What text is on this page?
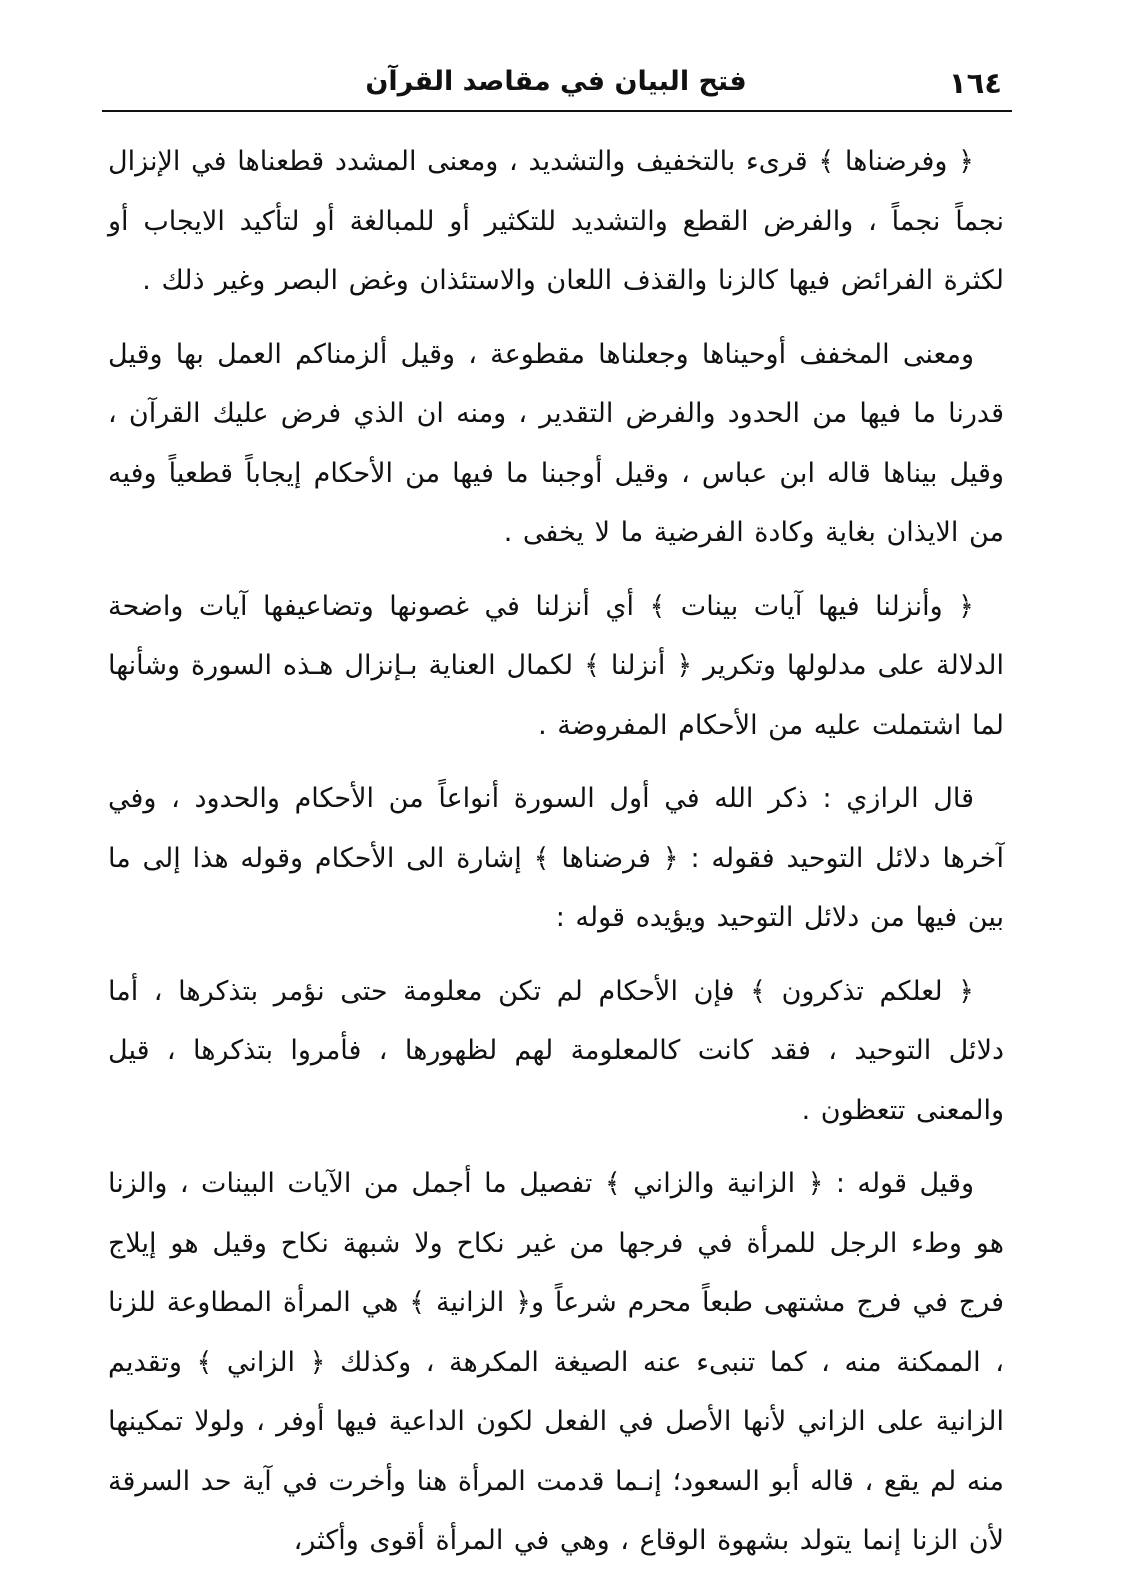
١٦٤
فتح البيان في مقاصد القرآن

﴿ وفرضناها ﴾ قرىء بالتخفيف والتشديد ، ومعنى المشدد قطعناها في الإنزال نجماً نجماً ، والفرض القطع والتشديد للتكثير أو للمبالغة أو لتأكيد الايجاب أو لكثرة الفرائض فيها كالزنا والقذف اللعان والاستئذان وغض البصر وغير ذلك .

ومعنى المخفف أوحيناها وجعلناها مقطوعة ، وقيل ألزمناكم العمل بها وقيل قدرنا ما فيها من الحدود والفرض التقدير ، ومنه ان الذي فرض عليك القرآن ، وقيل بيناها قاله ابن عباس ، وقيل أوجبنا ما فيها من الأحكام إيجاباً قطعياً وفيه من الايذان بغاية وكادة الفرضية ما لا يخفى .

﴿ وأنزلنا فيها آيات بينات ﴾ أي أنزلنا في غصونها وتضاعيفها آيات واضحة الدلالة على مدلولها وتكرير ﴿ أنزلنا ﴾ لكمال العناية بـإنزال هـذه السورة وشأنها لما اشتملت عليه من الأحكام المفروضة .

قال الرازي : ذكر الله في أول السورة أنواعاً من الأحكام والحدود ، وفي آخرها دلائل التوحيد فقوله : ﴿ فرضناها ﴾ إشارة الى الأحكام وقوله هذا إلى ما بين فيها من دلائل التوحيد ويؤيده قوله :

﴿ لعلكم تذكرون ﴾ فإن الأحكام لم تكن معلومة حتى نؤمر بتذكرها ، أما دلائل التوحيد ، فقد كانت كالمعلومة لهم لظهورها ، فأمروا بتذكرها ، قيل والمعنى تتعظون .

وقيل قوله : ﴿ الزانية والزاني ﴾ تفصيل ما أجمل من الآيات البينات ، والزنا هو وطء الرجل للمرأة في فرجها من غير نكاح ولا شبهة نكاح وقيل هو إيلاج فرج في فرج مشتهى طبعاً محرم شرعاً و﴿ الزانية ﴾ هي المرأة المطاوعة للزنا ، الممكنة منه ، كما تنبىء عنه الصيغة المكرهة ، وكذلك ﴿ الزاني ﴾ وتقديم الزانية على الزاني لأنها الأصل في الفعل لكون الداعية فيها أوفر ، ولولا تمكينها منه لم يقع ، قاله أبو السعود؛ إنـما قدمت المرأة هنا وأخرت في آية حد السرقة لأن الزنا إنما يتولد بشهوة الوقاع ، وهي في المرأة أقوى وأكثر،
